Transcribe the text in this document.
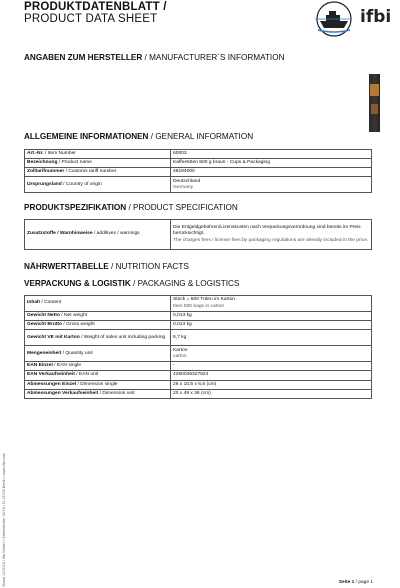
PRODUKTDATENBLATT /
PRODUCT DATA SHEET	ifbi
ANGABEN ZUM HERSTELLER / MANUFACTURER´S INFORMATION
ALLGEMEINE INFORMATIONEN / GENERAL INFORMATION
Art.-Nr. / Item Number	60003
Bezeichnung / Product name	Kaffeetüten 500 g braun - Cups & Packaging
Zolltarifnummer / Customs tariff number	48194000
Ursprungsland / Country of origin	Deutschland
Germany
PRODUKTSPEZIFIKATION / PRODUCT SPECIFICATION
Zusatzstoffe / Warnhinweise / additives / warnings	Die Entgeldgebühren/Lizenskosten nach Verpackungsverordnung sind bereits im Preis berücksichtigt.
The charges fees / license fees by packaging regulations are already included in the price.
NÄHRWERTTABELLE / NUTRITION FACTS
VERPACKUNG & LOGISTIK / PACKAGING & LOGISTICS
Inhalt / Content	Stück = 500 Tüten im Karton
Item 500 bags in carton

Gewicht Netto / Net weight	0,013 kg
Gewicht Brutto / Gross weight	0,013 kg
Gewicht VE mit Karton / Weight of sales unit including packing	6,7 kg
Mengeneinheit / Quantity unit	Karton
carton

EAN Einzel / EAN single	-
EAN Verkaufseinheit / EAN unit	4250046327524
Abmessungen Einzel / Dimension single	26 x 10,5 x 6,5 (cm)
Abmessungen Verkaufseinheit / Dimension unit	20 x 49 x 36 (cm)
Stand 12/2016 • ifbi GmbH • Ahrenstraße 15/16 • D-13753 Berlin • www.ifbi.com	Seite 1 / page 1
